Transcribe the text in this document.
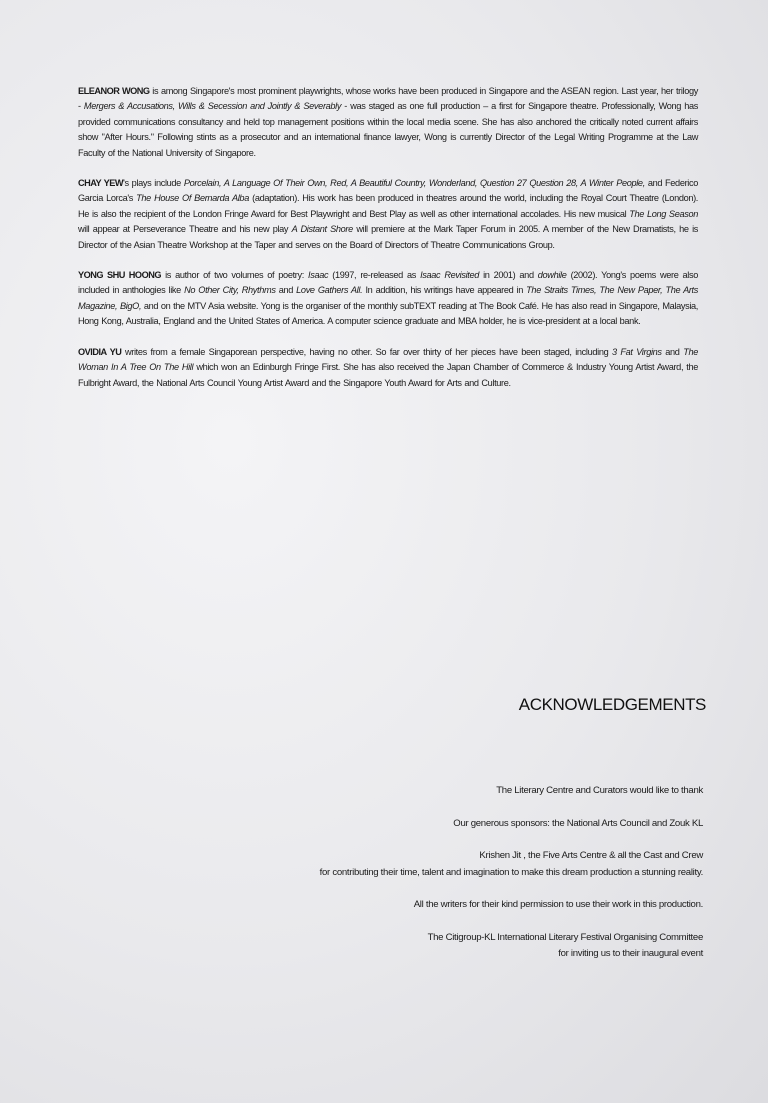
ELEANOR WONG is among Singapore's most prominent playwrights, whose works have been produced in Singapore and the ASEAN region. Last year, her trilogy - Mergers & Accusations, Wills & Secession and Jointly & Severably - was staged as one full production – a first for Singapore theatre. Professionally, Wong has provided communications consultancy and held top management positions within the local media scene. She has also anchored the critically noted current affairs show "After Hours." Following stints as a prosecutor and an international finance lawyer, Wong is currently Director of the Legal Writing Programme at the Law Faculty of the National University of Singapore.

CHAY YEW's plays include Porcelain, A Language Of Their Own, Red, A Beautiful Country, Wonderland, Question 27 Question 28, A Winter People, and Federico Garcia Lorca's The House Of Bernarda Alba (adaptation). His work has been produced in theatres around the world, including the Royal Court Theatre (London). He is also the recipient of the London Fringe Award for Best Playwright and Best Play as well as other international accolades. His new musical The Long Season will appear at Perseverance Theatre and his new play A Distant Shore will premiere at the Mark Taper Forum in 2005. A member of the New Dramatists, he is Director of the Asian Theatre Workshop at the Taper and serves on the Board of Directors of Theatre Communications Group.

YONG SHU HOONG is author of two volumes of poetry: Isaac (1997, re-released as Isaac Revisited in 2001) and dowhile (2002). Yong's poems were also included in anthologies like No Other City, Rhythms and Love Gathers All. In addition, his writings have appeared in The Straits Times, The New Paper, The Arts Magazine, BigO, and on the MTV Asia website. Yong is the organiser of the monthly subTEXT reading at The Book Café. He has also read in Singapore, Malaysia, Hong Kong, Australia, England and the United States of America. A computer science graduate and MBA holder, he is vice-president at a local bank.

OVIDIA YU writes from a female Singaporean perspective, having no other. So far over thirty of her pieces have been staged, including 3 Fat Virgins and The Woman In A Tree On The Hill which won an Edinburgh Fringe First. She has also received the Japan Chamber of Commerce & Industry Young Artist Award, the Fulbright Award, the National Arts Council Young Artist Award and the Singapore Youth Award for Arts and Culture.

ACKNOWLEDGEMENTS

The Literary Centre and Curators would like to thank

Our generous sponsors: the National Arts Council and Zouk KL

Krishen Jit , the Five Arts Centre & all the Cast and Crew
for contributing their time, talent and imagination to make this dream production a stunning reality.

All the writers for their kind permission to use their work in this production.

The Citigroup-KL International Literary Festival Organising Committee
for inviting us to their inaugural event
